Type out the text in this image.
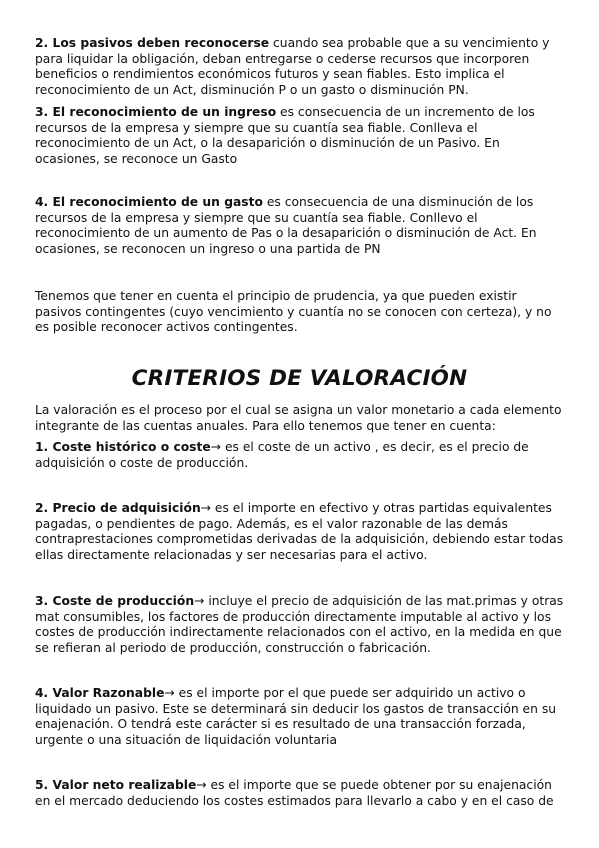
2. Los pasivos deben reconocerse cuando sea probable que a su vencimiento y para liquidar la obligación, deban entregarse o cederse recursos que incorporen beneficios o rendimientos económicos futuros y sean fiables. Esto implica el reconocimiento de un Act, disminución P o un gasto o disminución PN.

3. El reconocimiento de un ingreso es consecuencia de un incremento de los recursos de la empresa y siempre que su cuantía sea fiable. Conlleva el reconocimiento de un Act, o la desaparición o disminución de un Pasivo. En ocasiones, se reconoce un Gasto

4. El reconocimiento de un gasto es consecuencia de una disminución de los recursos de la empresa y siempre que su cuantía sea fiable. Conllevo el reconocimiento de un aumento de Pas o la desaparición o disminución de Act. En ocasiones, se reconocen un ingreso o una partida de PN

Tenemos que tener en cuenta el principio de prudencia, ya que pueden existir pasivos contingentes (cuyo vencimiento y cuantía no se conocen con certeza), y no es posible reconocer activos contingentes.

CRITERIOS DE VALORACIÓN

La valoración es el proceso por el cual se asigna un valor monetario a cada elemento integrante de las cuentas anuales. Para ello tenemos que tener en cuenta:

1. Coste histórico o coste→ es el coste de un activo , es decir, es el precio de adquisición o coste de producción.

2. Precio de adquisición→ es el importe en efectivo y otras partidas equivalentes pagadas, o pendientes de pago. Además, es el valor razonable de las demás contraprestaciones comprometidas derivadas de la adquisición, debiendo estar todas ellas directamente relacionadas y ser necesarias para el activo.

3. Coste de producción→ incluye el precio de adquisición de las mat.primas y otras mat consumibles, los factores de producción directamente imputable al activo y los costes de producción indirectamente relacionados con el activo, en la medida en que se refieran al periodo de producción, construcción o fabricación.

4. Valor Razonable→ es el importe por el que puede ser adquirido un activo o liquidado un pasivo. Este se determinará sin deducir los gastos de transacción en su enajenación. O tendrá este carácter si es resultado de una transacción forzada, urgente o una situación de liquidación voluntaria

5. Valor neto realizable→ es el importe que se puede obtener por su enajenación en el mercado deduciendo los costes estimados para llevarlo a cabo y en el caso de
